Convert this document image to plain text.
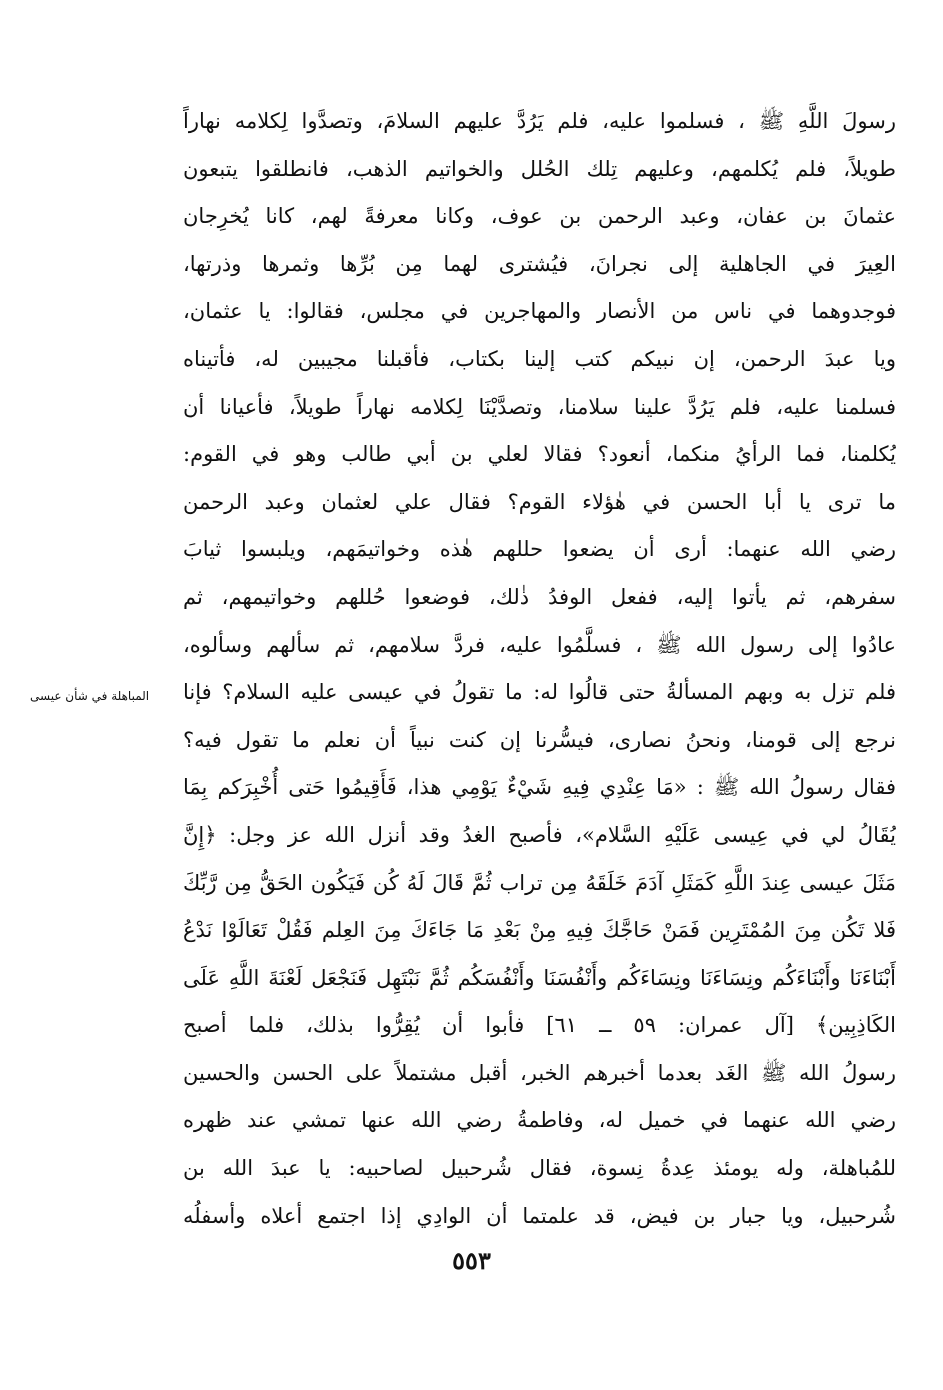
رسولَ اللَّهِ ﷺ ، فسلموا عليه، فلم يَرُدَّ عليهم السلامَ، وتصدَّوا لِكلامه نهاراً
طويلاً، فلم يُكلمهم، وعليهم تِلك الحُلل والخواتيم الذهب، فانطلقوا يتبعون
عثمانَ بن عفان، وعبد الرحمن بن عوف، وكانا معرفةً لهم، كانا يُخرِجان
العِيرَ في الجاهلية إلى نجرانَ، فيُشترى لهما مِن بُرِّها وثمرها وذرتها،
فوجدوهما في ناس من الأنصار والمهاجرين في مجلس، فقالوا: يا عثمان،
ويا عبدَ الرحمن، إن نبيكم كتب إلينا بكتاب، فأقبلنا مجيبين له، فأتيناه
فسلمنا عليه، فلم يَرُدَّ علينا سلامنا، وتصدَّيْنَا لِكلامه نهاراً طويلاً، فأعيانا أن
يُكلمنا، فما الرأيُ منكما، أنعود؟ فقالا لعلي بن أبي طالب وهو في القوم:
ما ترى يا أبا الحسن في هٰؤلاء القوم؟ فقال علي لعثمان وعبد الرحمن
رضي الله عنهما: أرى أن يضعوا حللهم هٰذه وخواتيمَهم، ويلبسوا ثيابَ
سفرهم، ثم يأتوا إليه، ففعل الوفدُ ذٰلك، فوضعوا حُللهم وخواتيمهم، ثم
عادُوا إلى رسول الله ﷺ ، فسلَّمُوا عليه، فردَّ سلامهم، ثم سألهم وسألوه،
فلم تزل به وبهم المسألةُ حتى قالُوا له: ما تقولُ في عيسى عليه السلام؟ فإنا
نرجع إلى قومنا، ونحنُ نصارى، فيسُّرنا إن كنت نبياً أن نعلم ما تقول فيه؟
فقال رسولُ الله ﷺ : «مَا عِنْدِي فِيهِ شَيْءٌ يَوْمِي هذا، فَأَقِيمُوا حَتى أُخْبِرَكم بِمَا
يُقَالُ لي في عِيسى عَلَيْهِ السَّلام»، فأصبح الغدُ وقد أنزل الله عز وجل: ﴿إِنَّ
مَثَلَ عيسى عِندَ اللَّهِ كَمَثَلِ آدَمَ خَلَقَهُ مِن تراب ثُمَّ قَالَ لَهُ كُن فَيَكُون الحَقُّ مِن رَّبِّكَ
فَلا تَكُن مِنَ المُمْتَرِين فَمَنْ حَاجَّكَ فِيهِ مِنْ بَعْدِ مَا جَاءَكَ مِنَ العِلم فَقُلْ تَعَالَوْا نَدْعُ
أَبْنَاءَنَا وأَبْنَاءَكُم ونِسَاءَنَا ونِسَاءَكُم وأَنْفُسَنَا وأَنْفُسَكُم ثُمَّ نَبْتَهِل فَنَجْعَل لَعْنَةَ اللَّهِ عَلَى
الكَاذِبِين﴾ [آل عمران: ٥٩ ــ ٦١] فأبوا أن يُقِرُّوا بذلك، فلما أصبح
رسولُ الله ﷺ الغَد بعدما أخبرهم الخبر، أقبل مشتملاً على الحسن والحسين
رضي الله عنهما في خميل له، وفاطمةُ رضي الله عنها تمشي عند ظهره
للمُباهلة، وله يومئذ عِدةُ نِسوة، فقال شُرحبيل لصاحبيه: يا عبدَ الله بن
شُرحبيل، ويا جبار بن فيض، قد علمتما أن الوادِي إذا اجتمع أعلاه وأسفلُه
المباهلة في شأن عيسى
٥٥٣
